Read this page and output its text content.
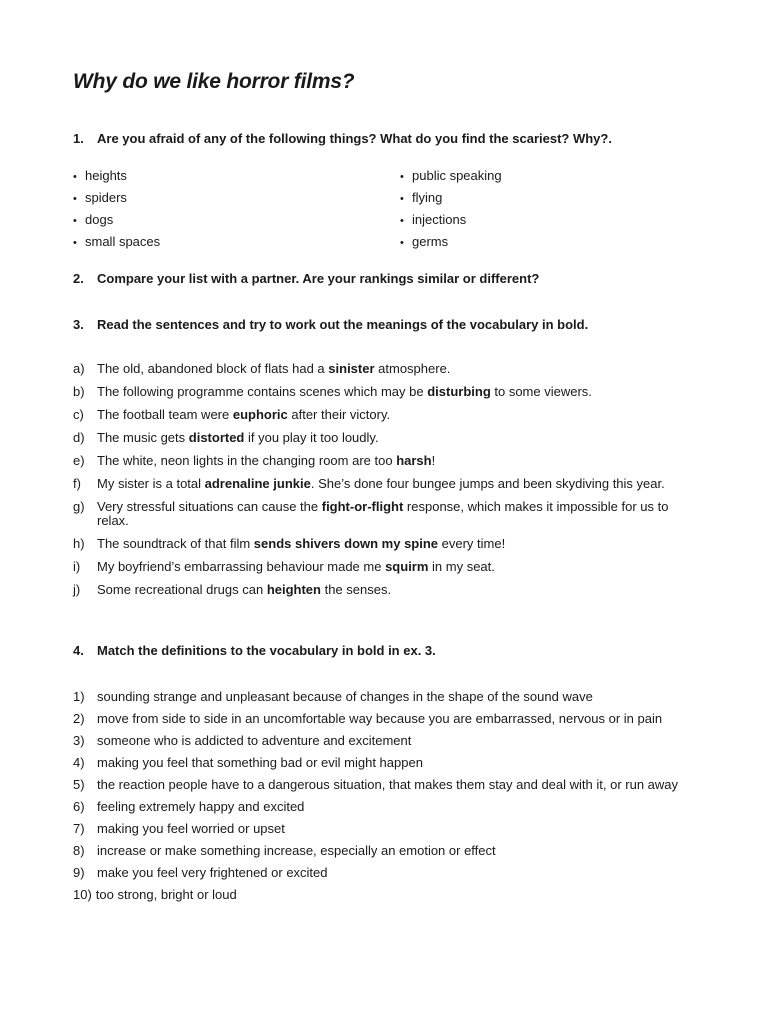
Why do we like horror films?

1. Are you afraid of any of the following things? What do you find the scariest? Why?.

• heights
• spiders
• dogs
• small spaces
• public speaking
• flying
• injections
• germs

2. Compare your list with a partner. Are your rankings similar or different?

3. Read the sentences and try to work out the meanings of the vocabulary in bold.

a) The old, abandoned block of flats had a sinister atmosphere.
b) The following programme contains scenes which may be disturbing to some viewers.
c)	The football team were euphoric after their victory.
d) The music gets distorted if you play it too loudly.
e) The white, neon lights in the changing room are too harsh!
f)	My sister is a total adrenaline junkie. She’s done four bungee jumps and been skydiving this year.
g) Very stressful situations can cause the fight-or-flight response, which makes it impossible for us to relax.
h) The soundtrack of that film sends shivers down my spine every time!
i)	My boyfriend’s embarrassing behaviour made me squirm in my seat.
j)	Some recreational drugs can heighten the senses.

4. Match the definitions to the vocabulary in bold in ex. 3.

1) sounding strange and unpleasant because of changes in the shape of the sound wave
2) move from side to side in an uncomfortable way because you are embarrassed, nervous or in pain
3) someone who is addicted to adventure and excitement
4) making you feel that something bad or evil might happen
5) the reaction people have to a dangerous situation, that makes them stay and deal with it, or run away
6) feeling extremely happy and excited
7) making you feel worried or upset
8) increase or make something increase, especially an emotion or effect
9) make you feel very frightened or excited
10) too strong, bright or loud
